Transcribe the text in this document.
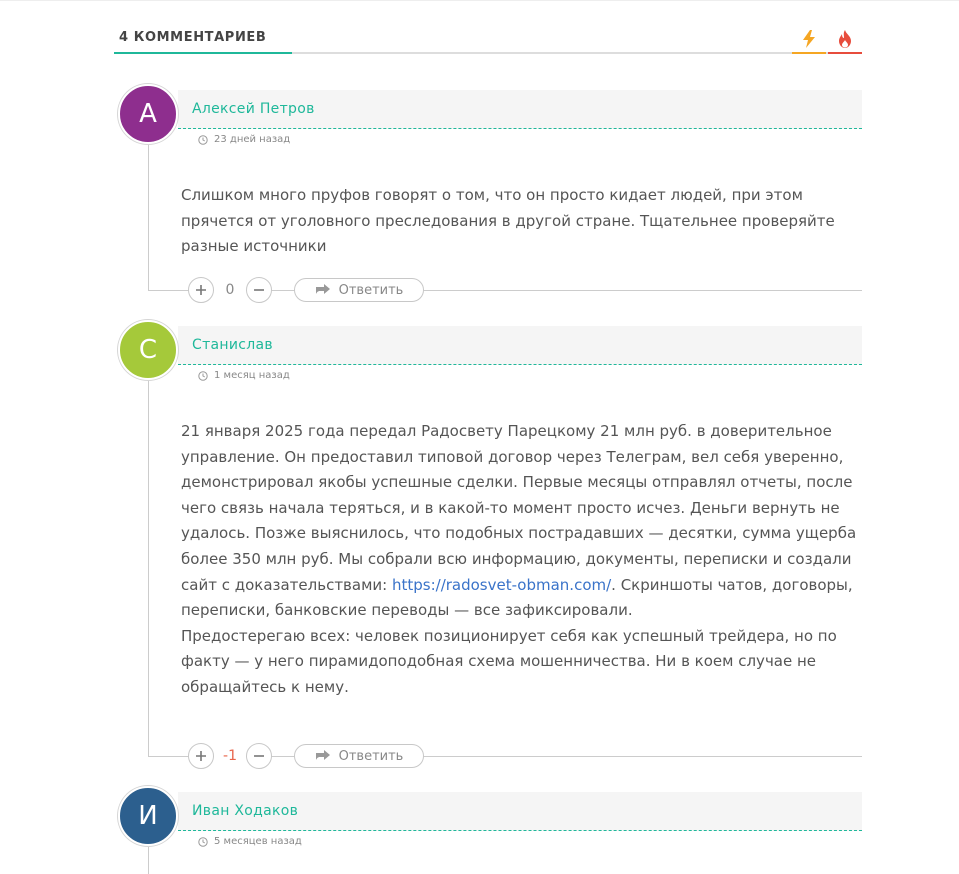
4 КОММЕНТАРИЕВ
А	Алексей Петров
23 дней назад

Слишком много пруфов говорят о том, что он просто кидает людей, при этом прячется от уголовного преследования в другой стране. Тщательнее проверяйте разные источники

0	Ответить
С	Станислав
1 месяц назад

21 января 2025 года передал Радосвету Парецкому 21 млн руб. в доверительное управление. Он предоставил типовой договор через Телеграм, вел себя уверенно, демонстрировал якобы успешные сделки. Первые месяцы отправлял отчеты, после чего связь начала теряться, и в какой-то момент просто исчез. Деньги вернуть не удалось. Позже выяснилось, что подобных пострадавших — десятки, сумма ущерба более 350 млн руб. Мы собрали всю информацию, документы, переписки и создали сайт с доказательствами: https://radosvet-obman.com/. Скриншоты чатов, договоры, переписки, банковские переводы — все зафиксировали.

Предостерегаю всех: человек позиционирует себя как успешный трейдера, но по факту — у него пирамидоподобная схема мошенничества. Ни в коем случае не обращайтесь к нему.

-1	Ответить
И	Иван Ходаков
5 месяцев назад
